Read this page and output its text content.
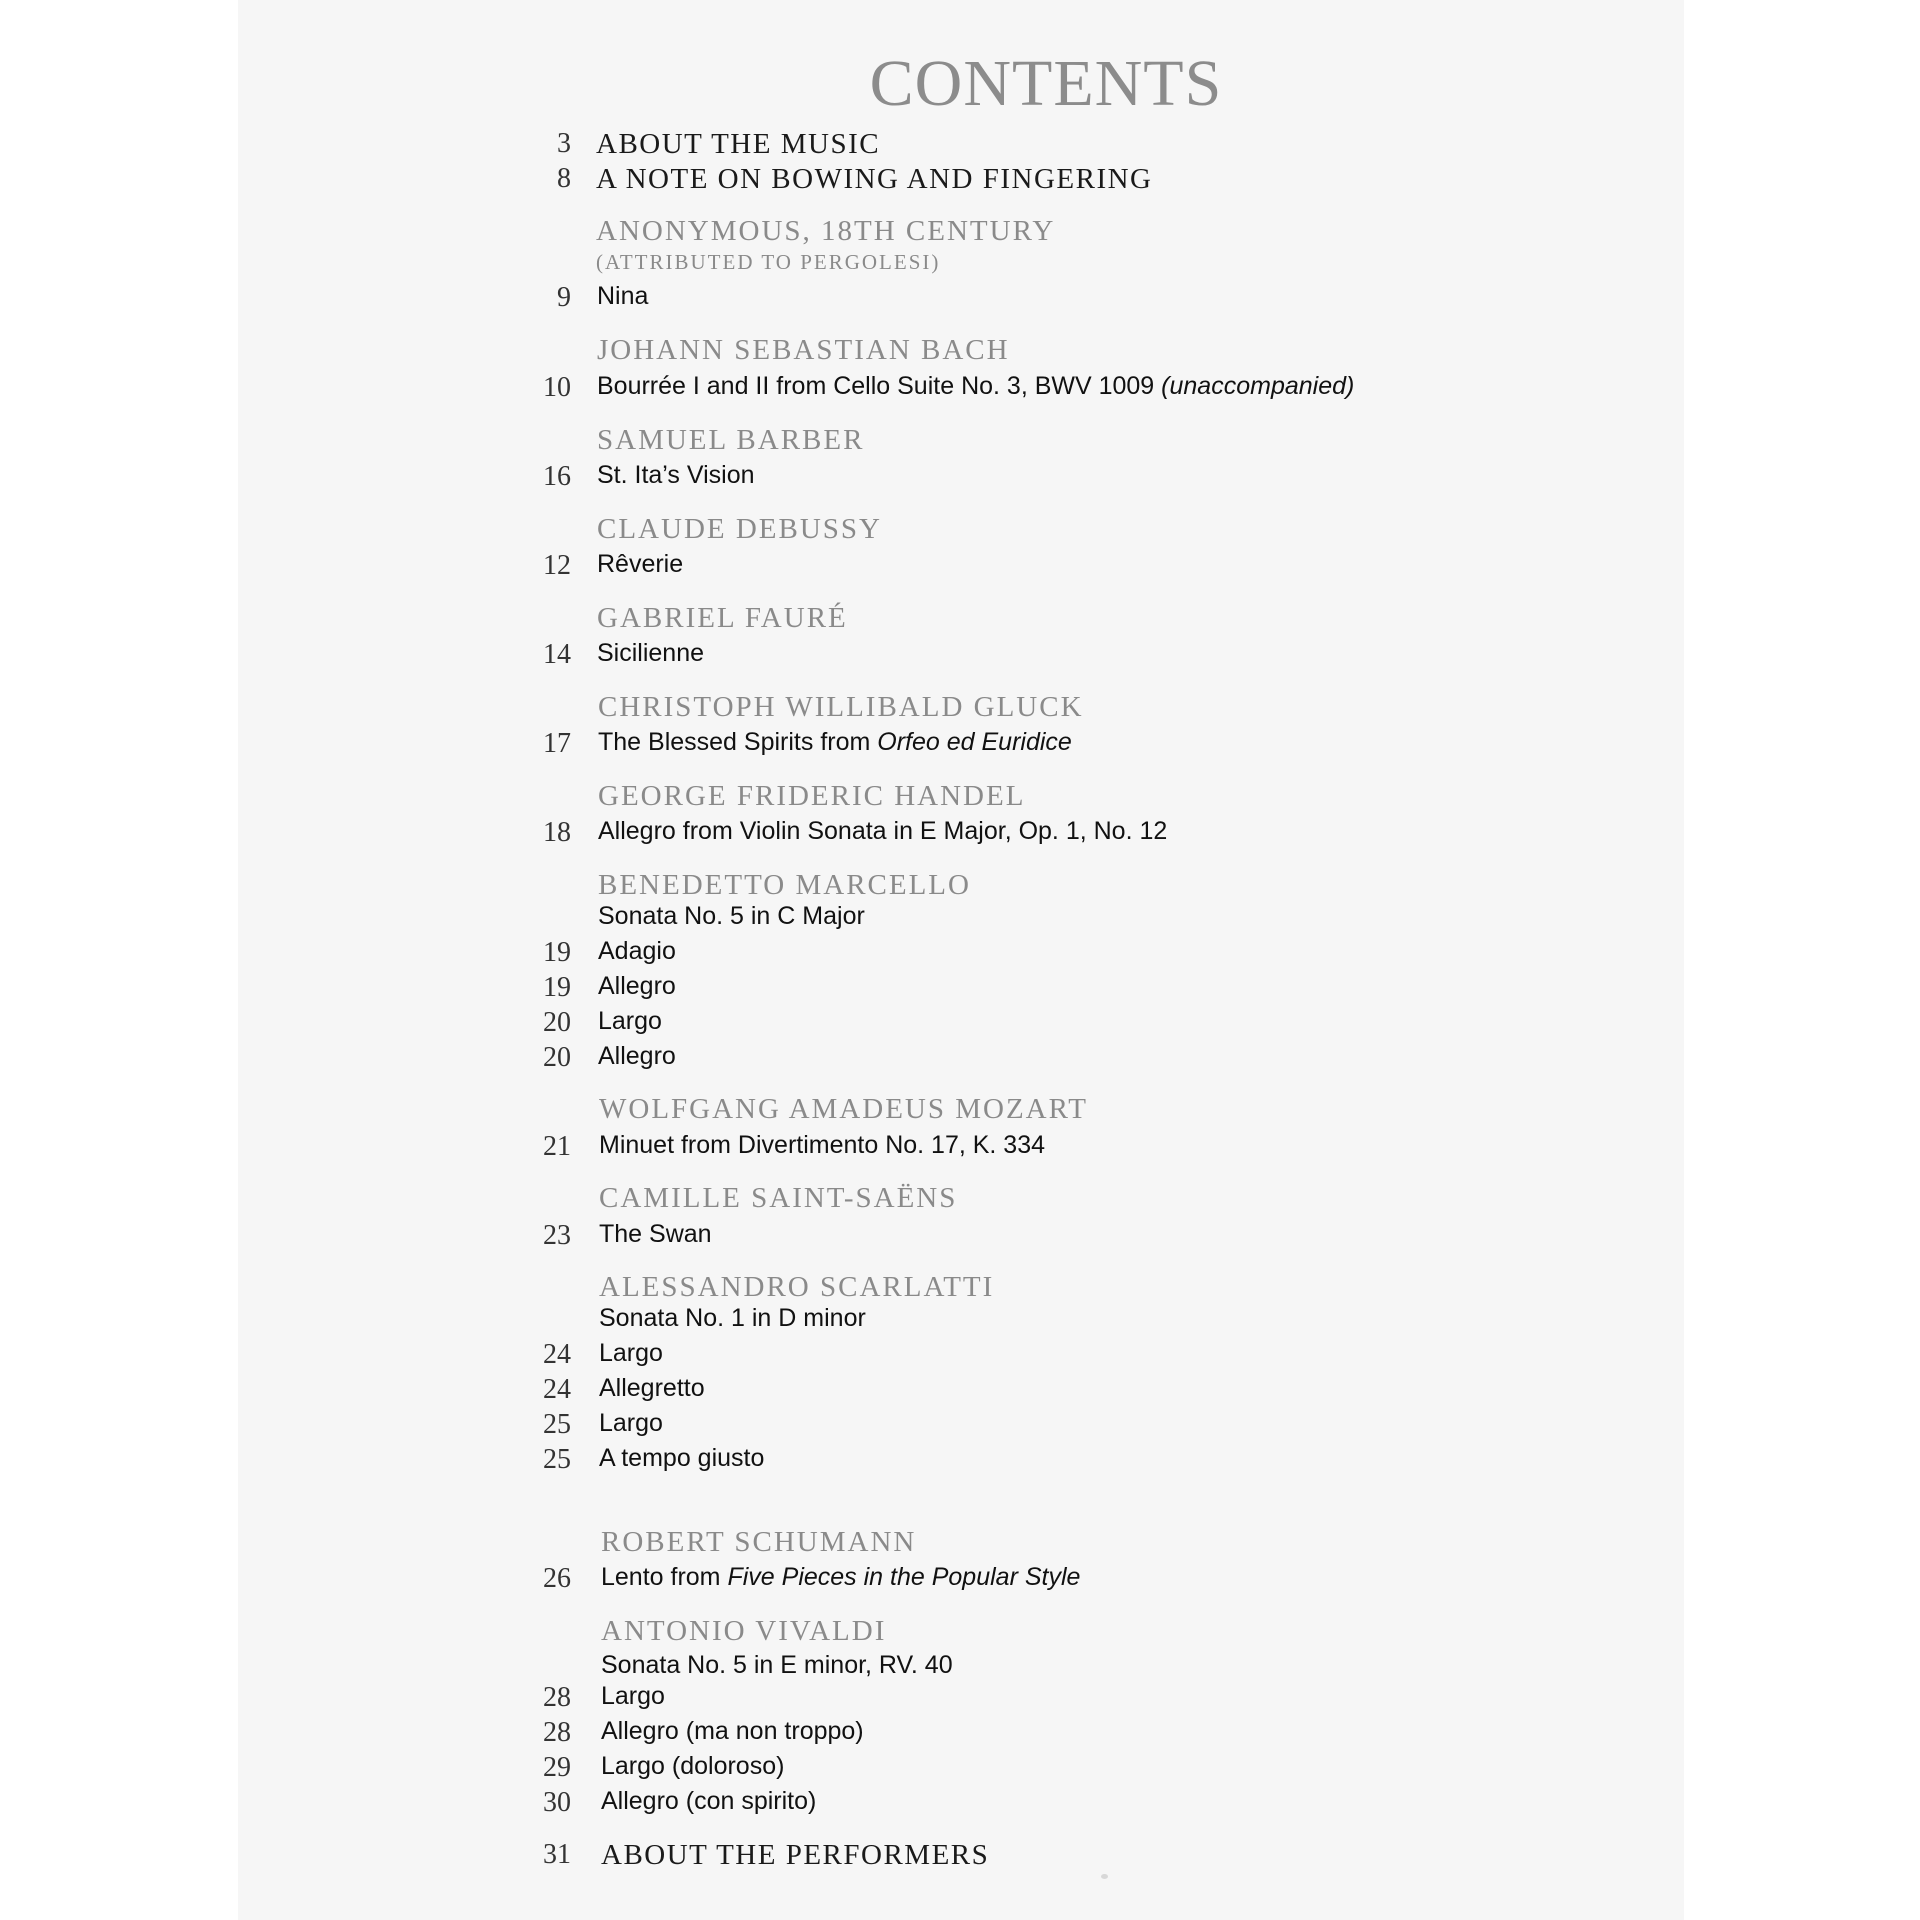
CONTENTS
3 ABOUT THE MUSIC
8 A NOTE ON BOWING AND FINGERING
ANONYMOUS, 18TH CENTURY
(ATTRIBUTED TO PERGOLESI)
9 Nina
JOHANN SEBASTIAN BACH
10 Bourrée I and II from Cello Suite No. 3, BWV 1009 (unaccompanied)
SAMUEL BARBER
16 St. Ita’s Vision
CLAUDE DEBUSSY
12 Rêverie
GABRIEL FAURÉ
14 Sicilienne
CHRISTOPH WILLIBALD GLUCK
17 The Blessed Spirits from Orfeo ed Euridice
GEORGE FRIDERIC HANDEL
18 Allegro from Violin Sonata in E Major, Op. 1, No. 12
BENEDETTO MARCELLO
Sonata No. 5 in C Major
19 Adagio
19 Allegro
20 Largo
20 Allegro
WOLFGANG AMADEUS MOZART
21 Minuet from Divertimento No. 17, K. 334
CAMILLE SAINT-SAËNS
23 The Swan
ALESSANDRO SCARLATTI
Sonata No. 1 in D minor
24 Largo
24 Allegretto
25 Largo
25 A tempo giusto
ROBERT SCHUMANN
26 Lento from Five Pieces in the Popular Style
ANTONIO VIVALDI
Sonata No. 5 in E minor, RV. 40
28 Largo
28 Allegro (ma non troppo)
29 Largo (doloroso)
30 Allegro (con spirito)
31 ABOUT THE PERFORMERS
